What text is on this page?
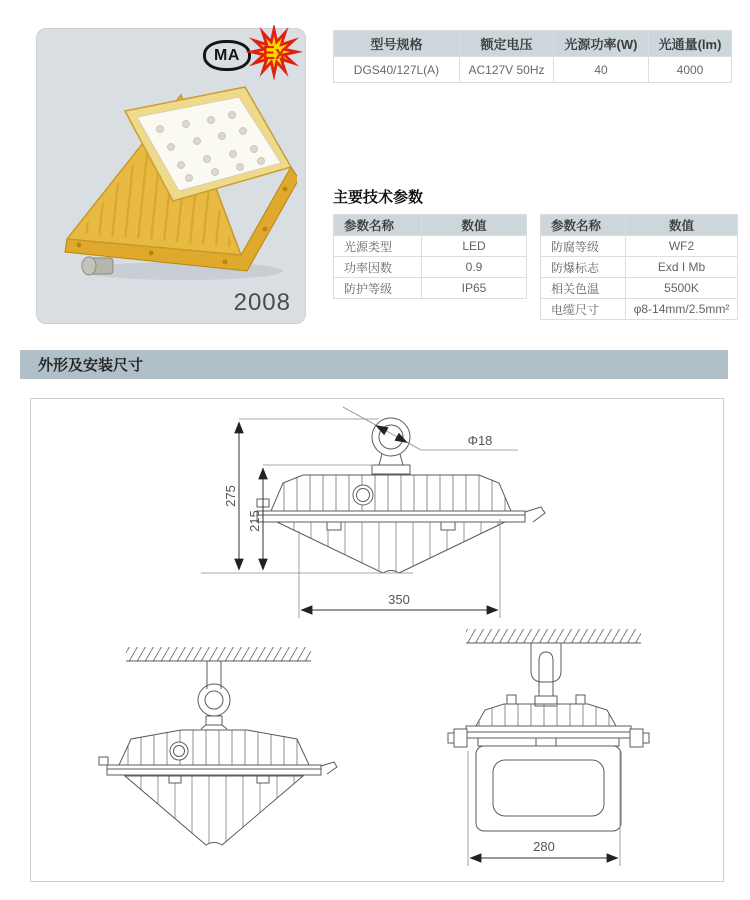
MA Ex
2008
型号规格	额定电压	光源功率(W)	光通量(lm)
DGS40/127L(A)	AC127V 50Hz	40	4000
主要技术参数
参数名称	数值
光源类型	LED
功率因数	0.9
防护等级	IP65
参数名称	数值
防腐等级	WF2
防爆标志	Exd I Mb
相关色温	5500K
电缆尺寸	φ8-14mm/2.5mm²
外形及安装尺寸
275
215
350
Φ18
280
